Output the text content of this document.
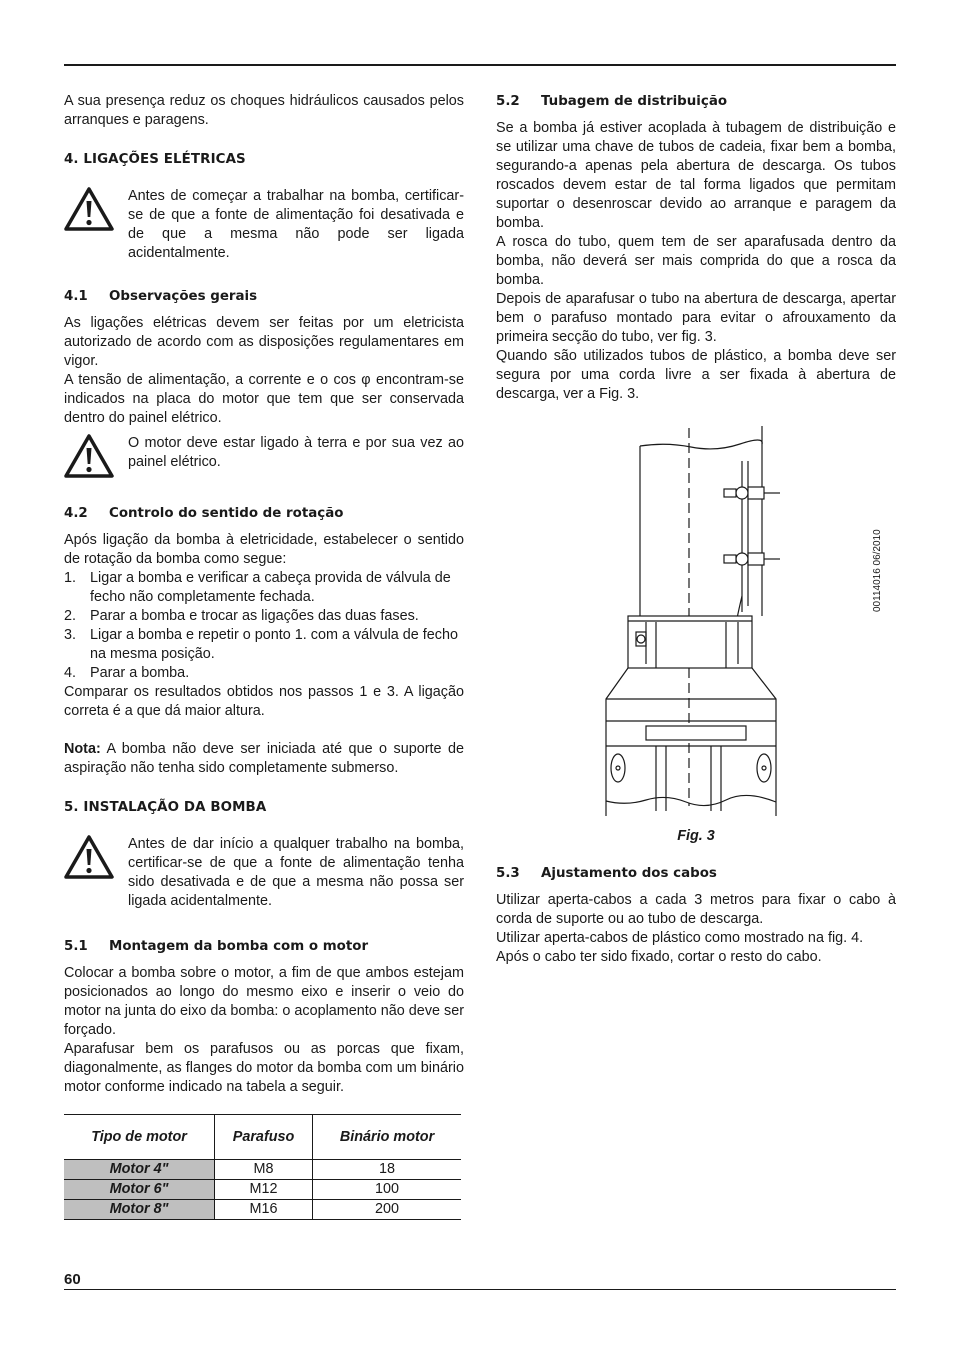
A sua presença reduz os choques hidráulicos causados pelos arranques e paragens.

4. LIGAÇÕES ELÉTRICAS

Antes de começar a trabalhar na bomba, certificar-se de que a fonte de alimentação foi desativada e de que a mesma não pode ser ligada acidentalmente.

4.1 Observações gerais

As ligações elétricas devem ser feitas por um eletricista autorizado de acordo com as disposições regulamentares em vigor.

A tensão de alimentação, a corrente e o cos φ encontram-se indicados na placa do motor que tem que ser conservada dentro do painel elétrico.

O motor deve estar ligado à terra e por sua vez ao painel elétrico.

4.2 Controlo do sentido de rotação

Após ligação da bomba à eletricidade, estabelecer o sentido de rotação da bomba como segue:

1. Ligar a bomba e verificar a cabeça provida de válvula de fecho não completamente fechada.
2. Parar a bomba e trocar as ligações das duas fases.
3. Ligar a bomba e repetir o ponto 1. com a válvula de fecho na mesma posição.
4. Parar a bomba.

Comparar os resultados obtidos nos passos 1 e 3. A ligação correta é a que dá maior altura.

Nota: A bomba não deve ser iniciada até que o suporte de aspiração não tenha sido completamente submerso.

5. INSTALAÇÃO DA BOMBA

Antes de dar início a qualquer trabalho na bomba, certificar-se de que a fonte de alimentação tenha sido desativada e de que a mesma não possa ser ligada acidentalmente.

5.1 Montagem da bomba com o motor

Colocar a bomba sobre o motor, a fim de que ambos estejam posicionados ao longo do mesmo eixo e inserir o veio do motor na junta do eixo da bomba: o acoplamento não deve ser forçado.

Aparafusar bem os parafusos ou as porcas que fixam, diagonalmente, as flanges do motor da bomba com um binário motor conforme indicado na tabela a seguir.

Tipo de motor	Parafuso	Binário motor
Motor 4"	M8	18
Motor 6"	M12	100
Motor 8"	M16	200
5.2 Tubagem de distribuição

Se a bomba já estiver acoplada à tubagem de distribuição e se utilizar uma chave de tubos de cadeia, fixar bem a bomba, segurando-a apenas pela abertura de descarga. Os tubos roscados devem estar de tal forma ligados que permitam suportar o desenroscar devido ao arranque e paragem da bomba.

A rosca do tubo, quem tem de ser aparafusada dentro da bomba, não deverá ser mais comprida do que a rosca da bomba.

Depois de aparafusar o tubo na abertura de descarga, apertar bem o parafuso montado para evitar o afrouxamento da primeira secção do tubo, ver fig. 3.

Quando são utilizados tubos de plástico, a bomba deve ser segura por uma corda livre a ser fixada à abertura de descarga, ver a Fig. 3.

00114016 06/2010
Fig. 3
5.3 Ajustamento dos cabos

Utilizar aperta-cabos a cada 3 metros para fixar o cabo à corda de suporte ou ao tubo de descarga.

Utilizar aperta-cabos de plástico como mostrado na fig. 4.

Após o cabo ter sido fixado, cortar o resto do cabo.

60
